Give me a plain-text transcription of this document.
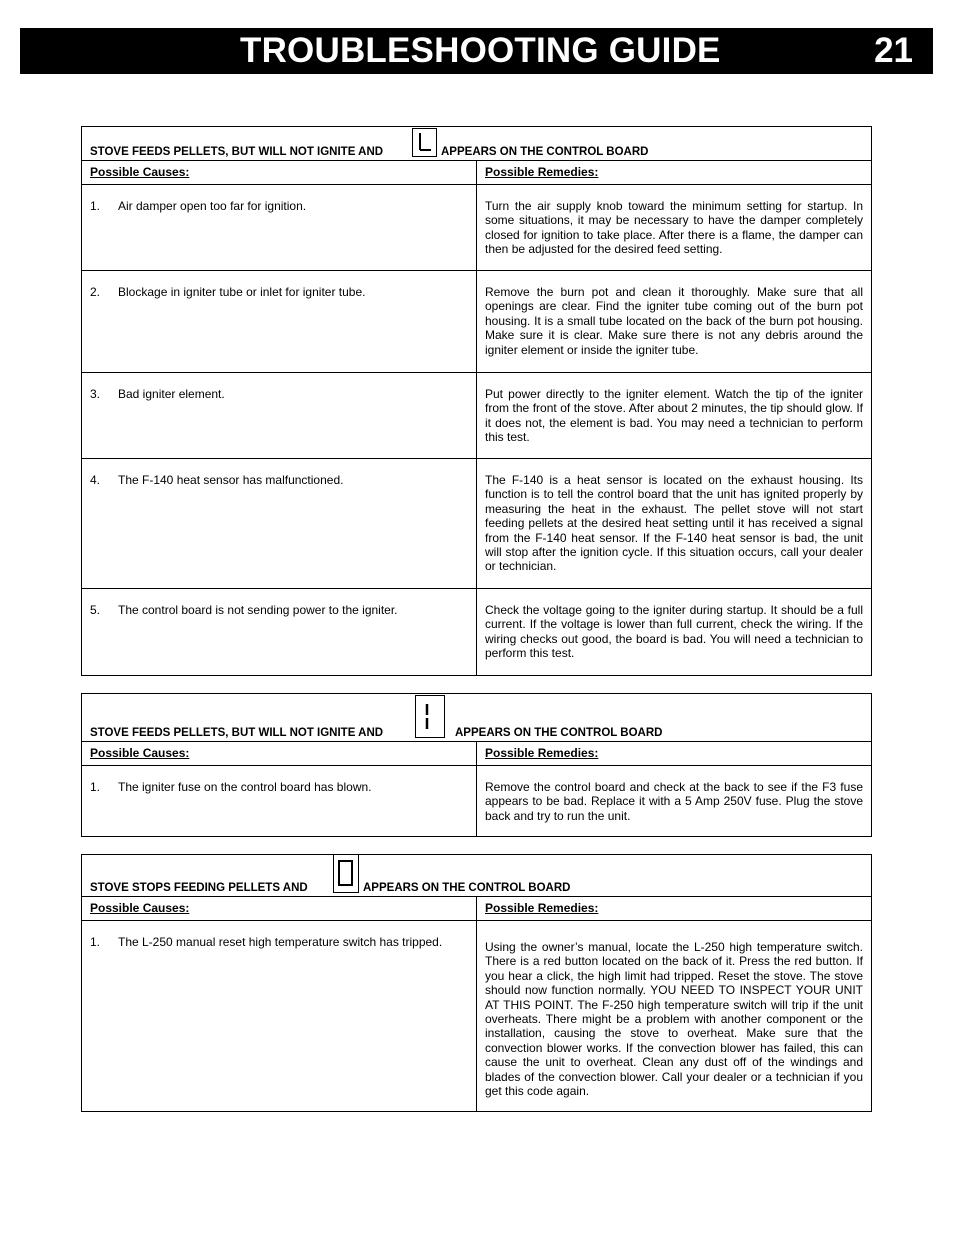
TROUBLESHOOTING GUIDE	21
STOVE FEEDS PELLETS, BUT WILL NOT IGNITE AND	APPEARS ON THE CONTROL BOARD
Possible Causes:	Possible Remedies:
1.	Air damper open too far for ignition.	Turn the air supply knob toward the minimum setting for startup. In some situations, it may be necessary to have the damper completely closed for ignition to take place. After there is a flame, the damper can then be adjusted for the desired feed setting.
2.	Blockage in igniter tube or inlet for igniter tube.	Remove the burn pot and clean it thoroughly. Make sure that all openings are clear. Find the igniter tube coming out of the burn pot housing. It is a small tube located on the back of the burn pot housing. Make sure it is clear. Make sure there is not any debris around the igniter element or inside the igniter tube.
3.	Bad igniter element.	Put power directly to the igniter element. Watch the tip of the igniter from the front of the stove. After about 2 minutes, the tip should glow. If it does not, the element is bad. You may need a technician to perform this test.
4.	The F-140 heat sensor has malfunctioned.	The F-140 is a heat sensor is located on the exhaust housing. Its function is to tell the control board that the unit has ignited properly by measuring the heat in the exhaust. The pellet stove will not start feeding pellets at the desired heat setting until it has received a signal from the F-140 heat sensor. If the F-140 heat sensor is bad, the unit will stop after the ignition cycle. If this situation occurs, call your dealer or technician.
5.	The control board is not sending power to the igniter.	Check the voltage going to the igniter during startup. It should be a full current. If the voltage is lower than full current, check the wiring. If the wiring checks out good, the board is bad. You will need a technician to perform this test.
STOVE FEEDS PELLETS, BUT WILL NOT IGNITE AND	APPEARS ON THE CONTROL BOARD
Possible Causes:	Possible Remedies:
1.	The igniter fuse on the control board has blown.	Remove the control board and check at the back to see if the F3 fuse appears to be bad. Replace it with a 5 Amp 250V fuse. Plug the stove back and try to run the unit.
STOVE STOPS FEEDING PELLETS AND	APPEARS ON THE CONTROL BOARD
Possible Causes:	Possible Remedies:
1.	The L-250 manual reset high temperature switch has tripped.	Using the owner’s manual, locate the L-250 high temperature switch. There is a red button located on the back of it. Press the red button. If you hear a click, the high limit had tripped. Reset the stove. The stove should now function normally. YOU NEED TO INSPECT YOUR UNIT AT THIS POINT. The F-250 high temperature switch will trip if the unit overheats. There might be a problem with another component or the installation, causing the stove to overheat. Make sure that the convection blower works. If the convection blower has failed, this can cause the unit to overheat. Clean any dust off of the windings and blades of the convection blower. Call your dealer or a technician if you get this code again.
